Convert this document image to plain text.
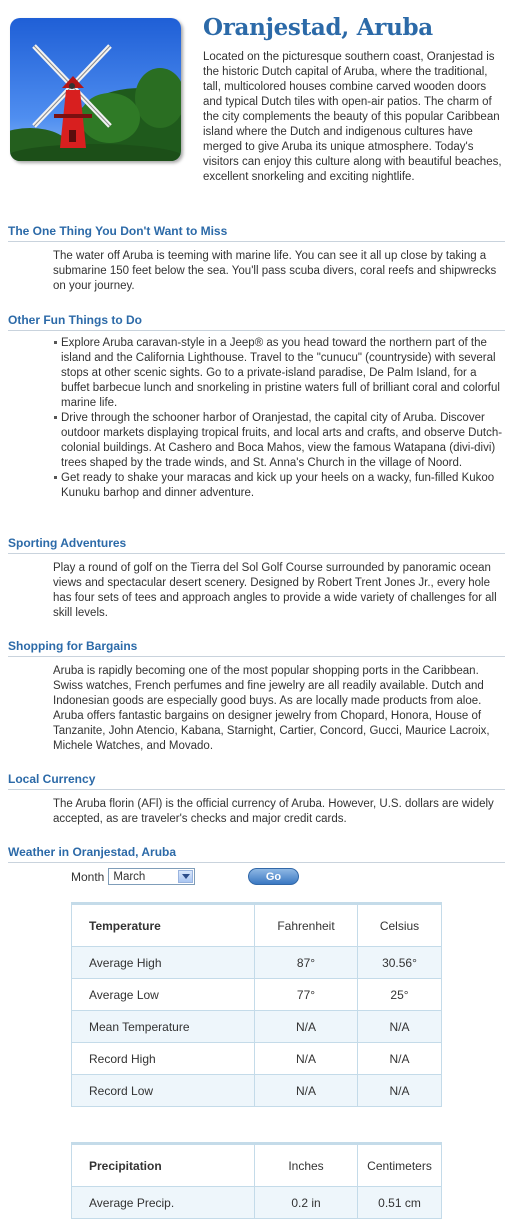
Oranjestad, Aruba

Located on the picturesque southern coast, Oranjestad is the historic Dutch capital of Aruba, where the traditional, tall, multicolored houses combine carved wooden doors and typical Dutch tiles with open-air patios. The charm of the city complements the beauty of this popular Caribbean island where the Dutch and indigenous cultures have merged to give Aruba its unique atmosphere. Today's visitors can enjoy this culture along with beautiful beaches, excellent snorkeling and exciting nightlife.

The One Thing You Don't Want to Miss

The water off Aruba is teeming with marine life. You can see it all up close by taking a submarine 150 feet below the sea. You'll pass scuba divers, coral reefs and shipwrecks on your journey.

Other Fun Things to Do
Explore Aruba caravan-style in a Jeep® as you head toward the northern part of the island and the California Lighthouse. Travel to the "cunucu" (countryside) with several stops at other scenic sights. Go to a private-island paradise, De Palm Island, for a buffet barbecue lunch and snorkeling in pristine waters full of brilliant coral and colorful marine life.
Drive through the schooner harbor of Oranjestad, the capital city of Aruba. Discover outdoor markets displaying tropical fruits, and local arts and crafts, and observe Dutch-colonial buildings. At Cashero and Boca Mahos, view the famous Watapana (divi-divi) trees shaped by the trade winds, and St. Anna's Church in the village of Noord.
Get ready to shake your maracas and kick up your heels on a wacky, fun-filled Kukoo Kunuku barhop and dinner adventure.
Sporting Adventures

Play a round of golf on the Tierra del Sol Golf Course surrounded by panoramic ocean views and spectacular desert scenery. Designed by Robert Trent Jones Jr., every hole has four sets of tees and approach angles to provide a wide variety of challenges for all skill levels.

Shopping for Bargains

Aruba is rapidly becoming one of the most popular shopping ports in the Caribbean. Swiss watches, French perfumes and fine jewelry are all readily available. Dutch and Indonesian goods are especially good buys. As are locally made products from aloe. Aruba offers fantastic bargains on designer jewelry from Chopard, Honora, House of Tanzanite, John Atencio, Kabana, Starnight, Cartier, Concord, Gucci, Maurice Lacroix, Michele Watches, and Movado.

Local Currency

The Aruba florin (AFl) is the official currency of Aruba. However, U.S. dollars are widely accepted, as are traveler's checks and major credit cards.

Weather in Oranjestad, Aruba
Month March	Go
Temperature	Fahrenheit	Celsius
Average High	87°	30.56°
Average Low	77°	25°
Mean Temperature	N/A	N/A
Record High	N/A	N/A
Record Low	N/A	N/A
Precipitation	Inches	Centimeters
Average Precip.	0.2 in	0.51 cm
